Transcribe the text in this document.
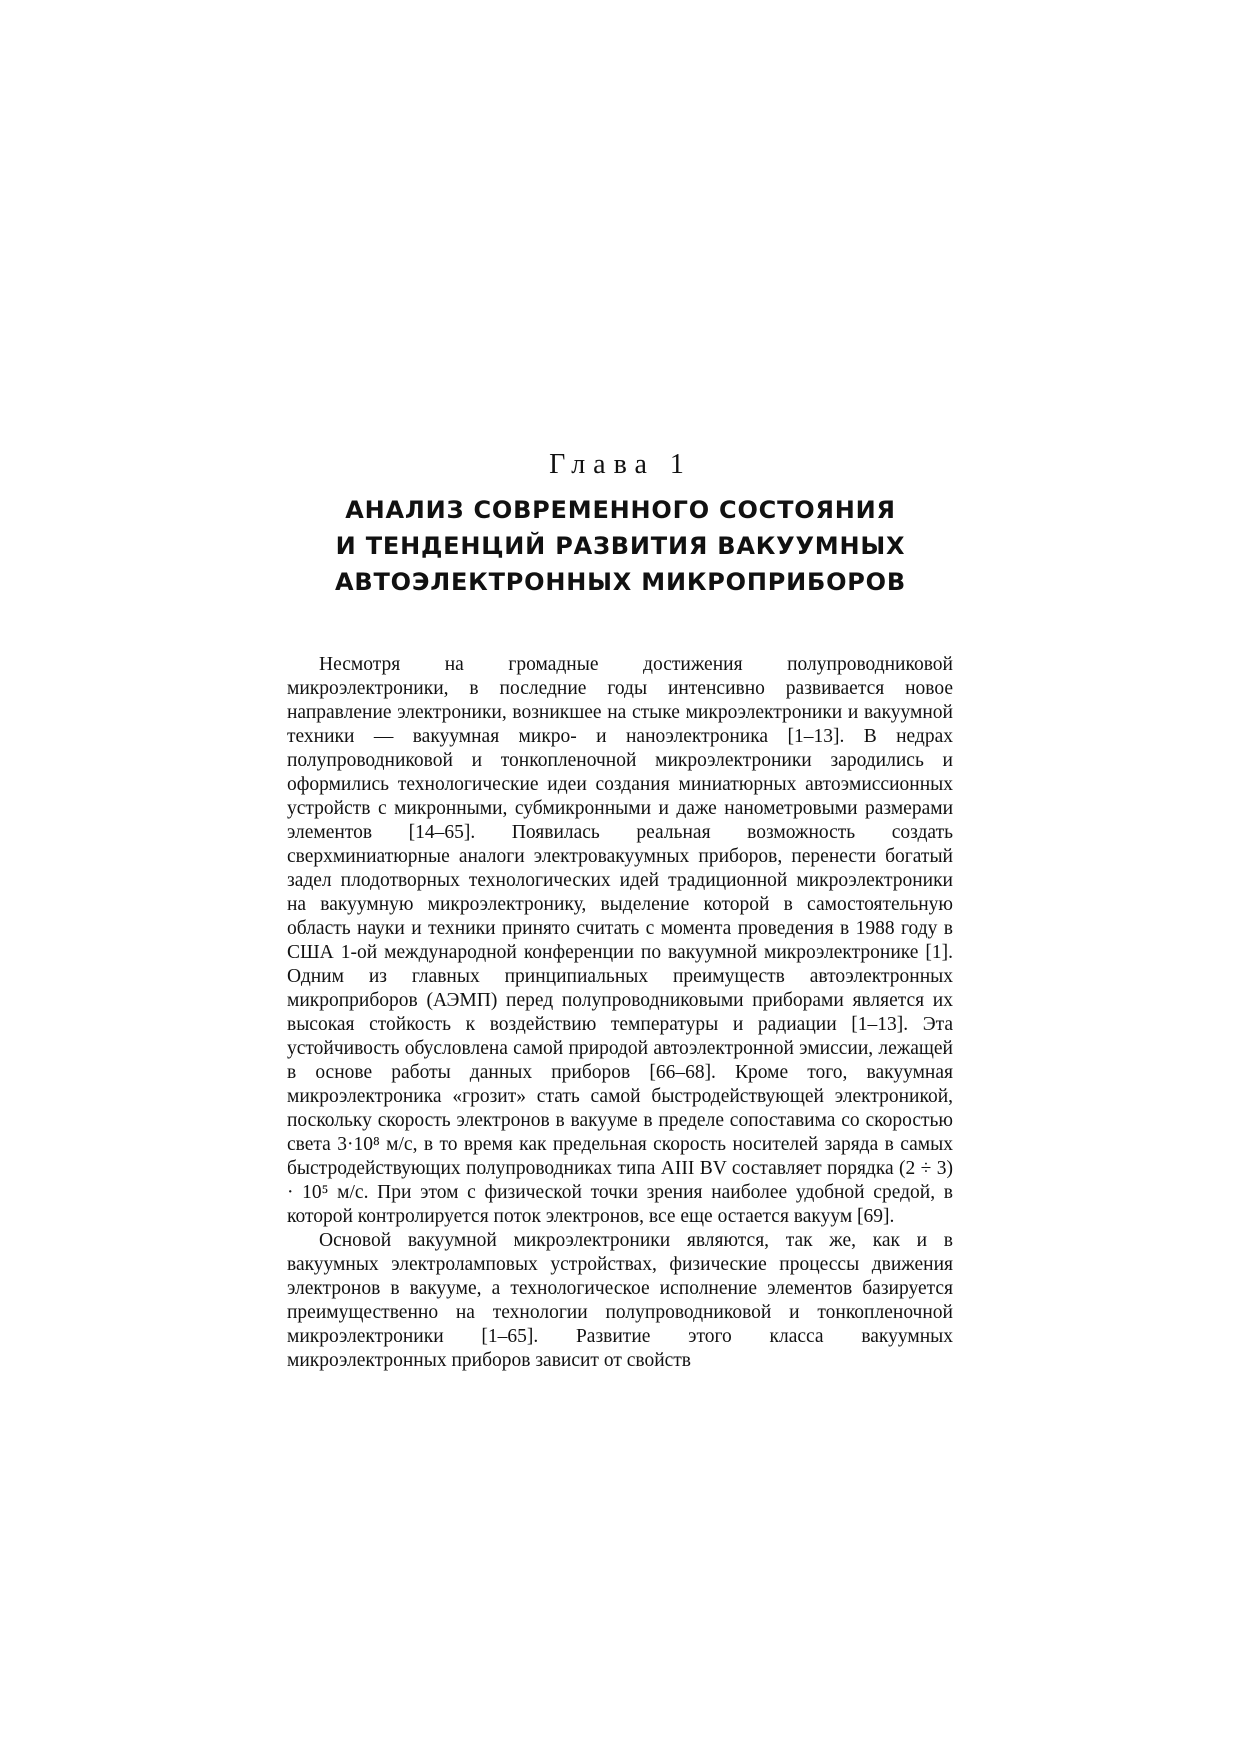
Глава 1
АНАЛИЗ СОВРЕМЕННОГО СОСТОЯНИЯ
И ТЕНДЕНЦИЙ РАЗВИТИЯ ВАКУУМНЫХ
АВТОЭЛЕКТРОННЫХ МИКРОПРИБОРОВ

Несмотря на громадные достижения полупроводниковой микроэлектроники, в последние годы интенсивно развивается новое направление электроники, возникшее на стыке микроэлектроники и вакуумной техники — вакуумная микро- и наноэлектроника [1–13]. В недрах полупроводниковой и тонкопленочной микроэлектроники зародились и оформились технологические идеи создания миниатюрных автоэмиссионных устройств с микронными, субмикронными и даже нанометровыми размерами элементов [14–65]. Появилась реальная возможность создать сверхминиатюрные аналоги электровакуумных приборов, перенести богатый задел плодотворных технологических идей традиционной микроэлектроники на вакуумную микроэлектронику, выделение которой в самостоятельную область науки и техники принято считать с момента проведения в 1988 году в США 1-ой международной конференции по вакуумной микроэлектронике [1]. Одним из главных принципиальных преимуществ автоэлектронных микроприборов (АЭМП) перед полупроводниковыми приборами является их высокая стойкость к воздействию температуры и радиации [1–13]. Эта устойчивость обусловлена самой природой автоэлектронной эмиссии, лежащей в основе работы данных приборов [66–68]. Кроме того, вакуумная микроэлектроника «грозит» стать самой быстродействующей электроникой, поскольку скорость электронов в вакууме в пределе сопоставима со скоростью света 3·10⁸ м/с, в то время как предельная скорость носителей заряда в самых быстродействующих полупроводниках типа AIII BV составляет порядка (2 ÷ 3) · 10⁵ м/с. При этом с физической точки зрения наиболее удобной средой, в которой контролируется поток электронов, все еще остается вакуум [69].

Основой вакуумной микроэлектроники являются, так же, как и в вакуумных электроламповых устройствах, физические процессы движения электронов в вакууме, а технологическое исполнение элементов базируется преимущественно на технологии полупроводниковой и тонкопленочной микроэлектроники [1–65]. Развитие этого класса вакуумных микроэлектронных приборов зависит от свойств
